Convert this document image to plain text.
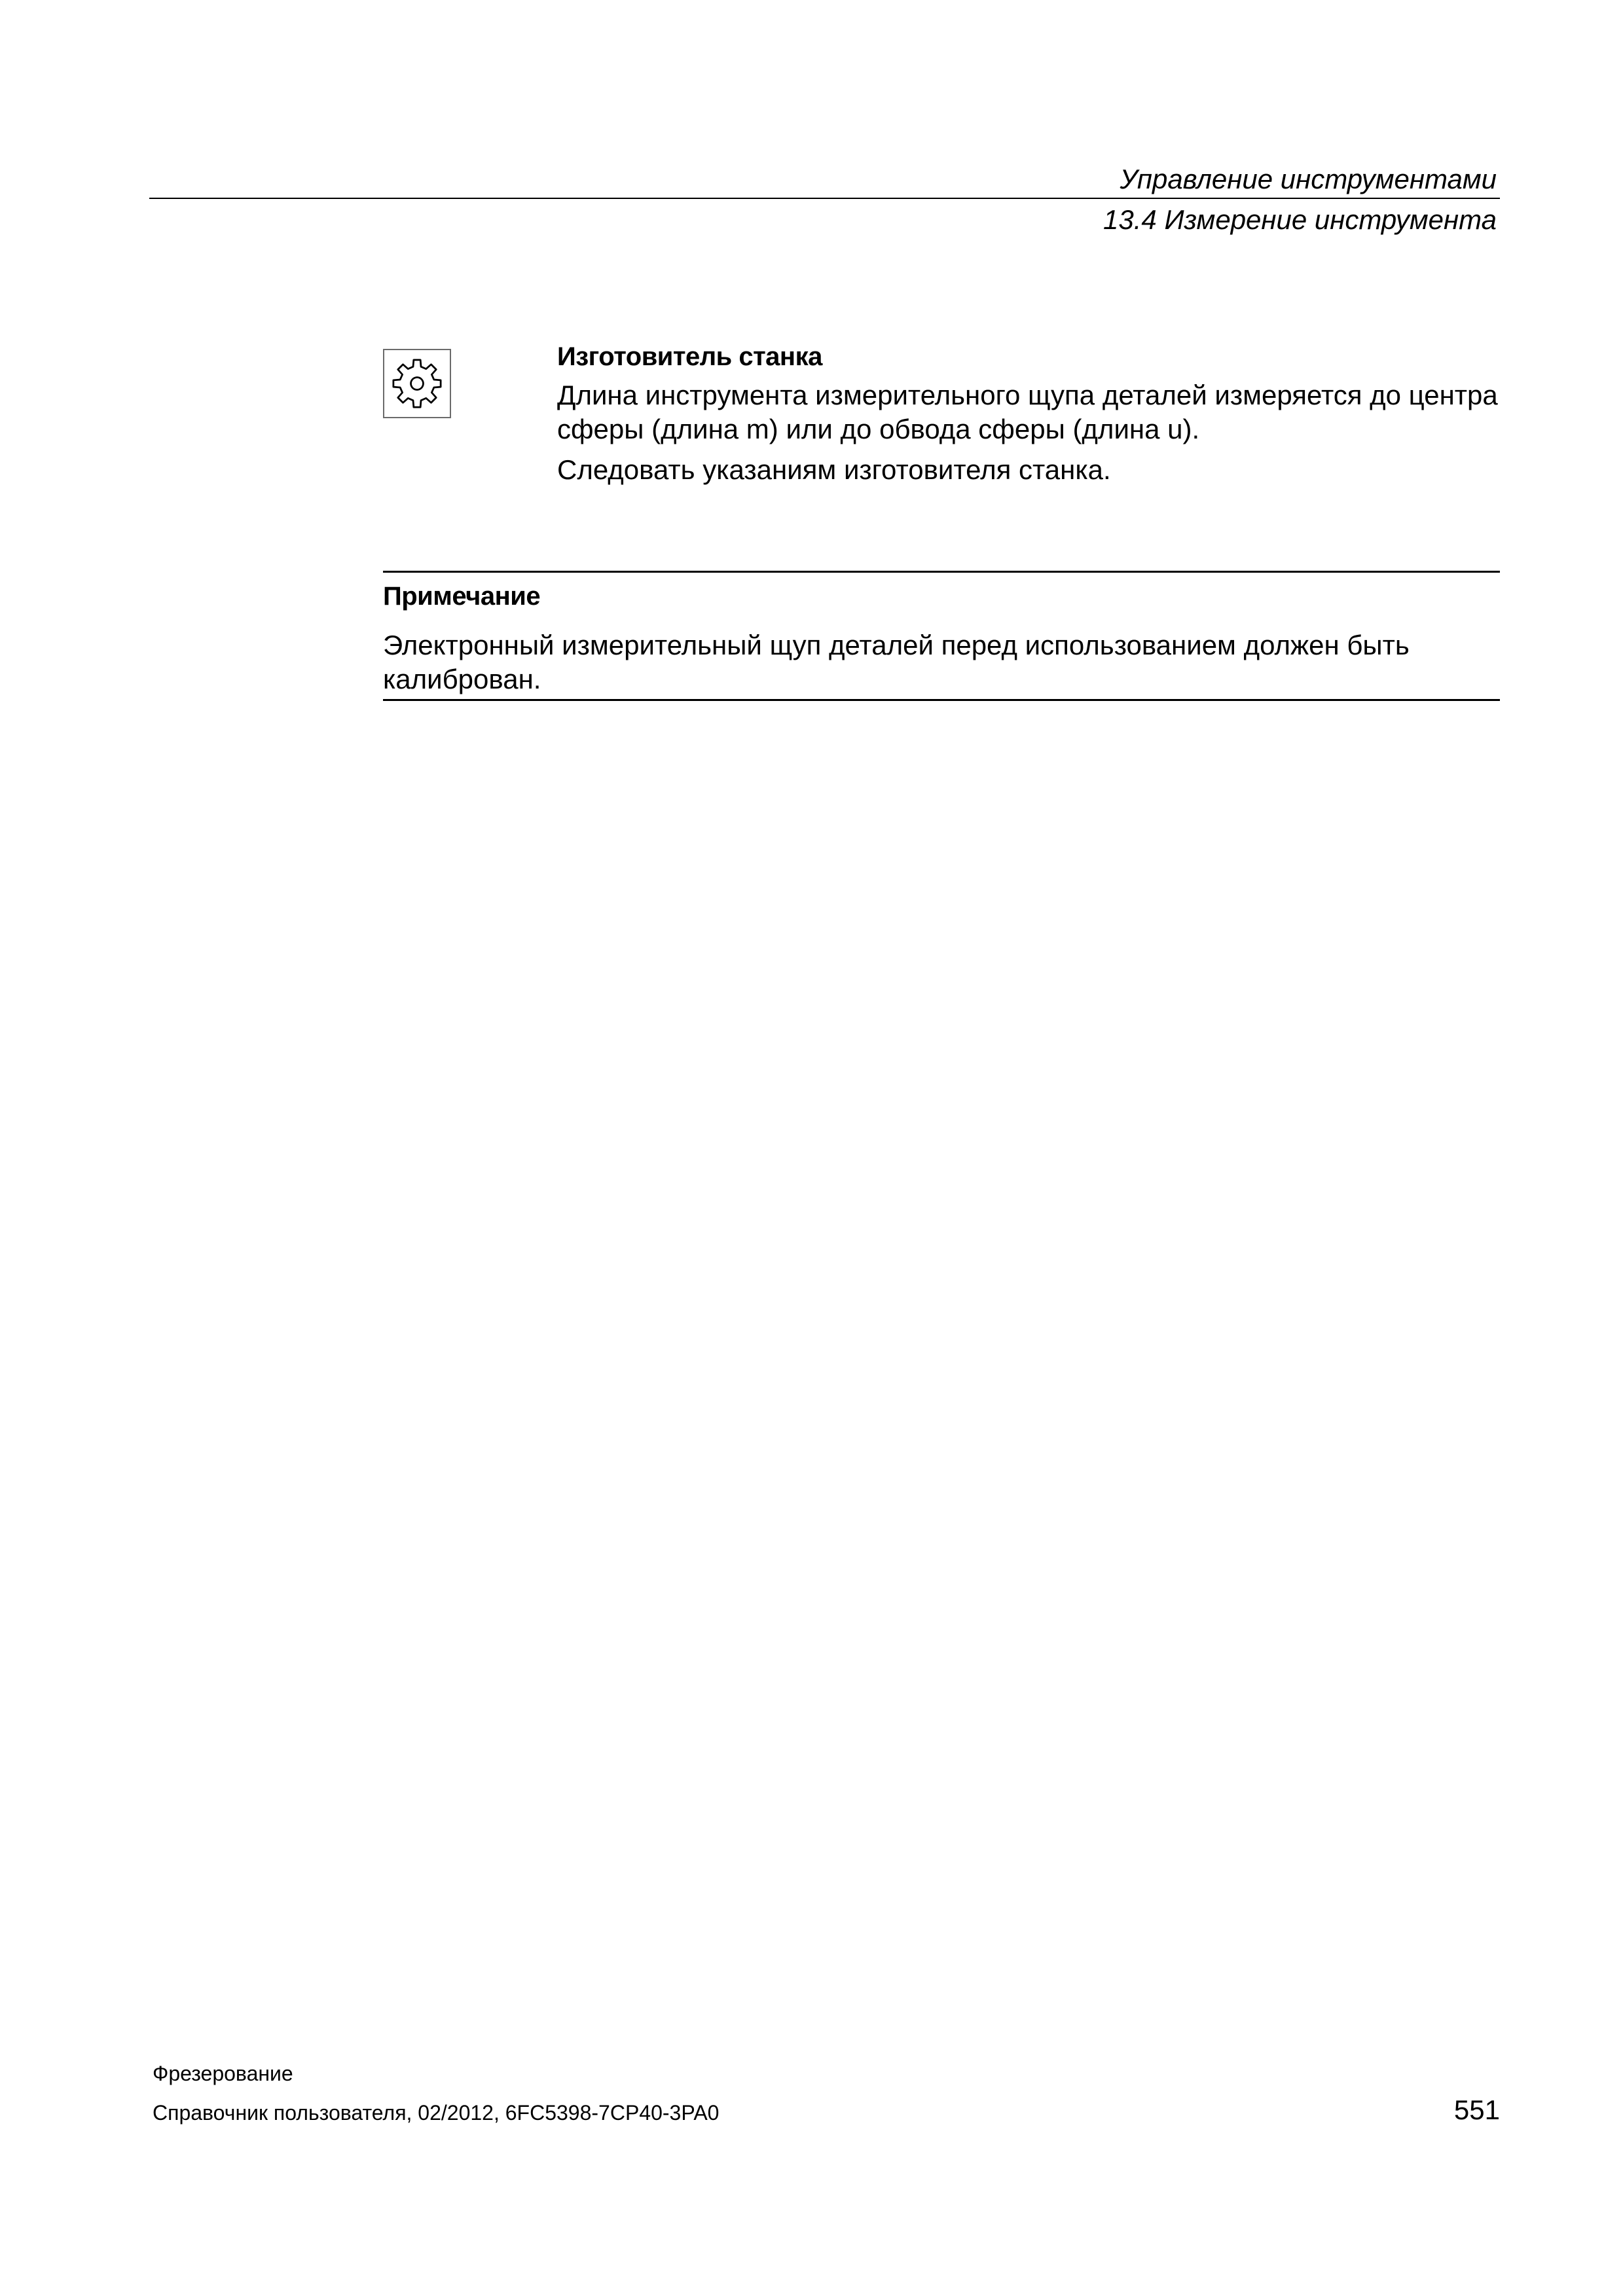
Управление инструментами
13.4 Измерение инструмента
Изготовитель станка

Длина инструмента измерительного щупа деталей измеряется до центра сферы (длина m) или до обвода сферы (длина u).

Следовать указаниям изготовителя станка.

Примечание
Электронный измерительный щуп деталей перед использованием должен быть калиброван.
Фрезерование
Справочник пользователя, 02/2012, 6FC5398-7CP40-3PA0	551
